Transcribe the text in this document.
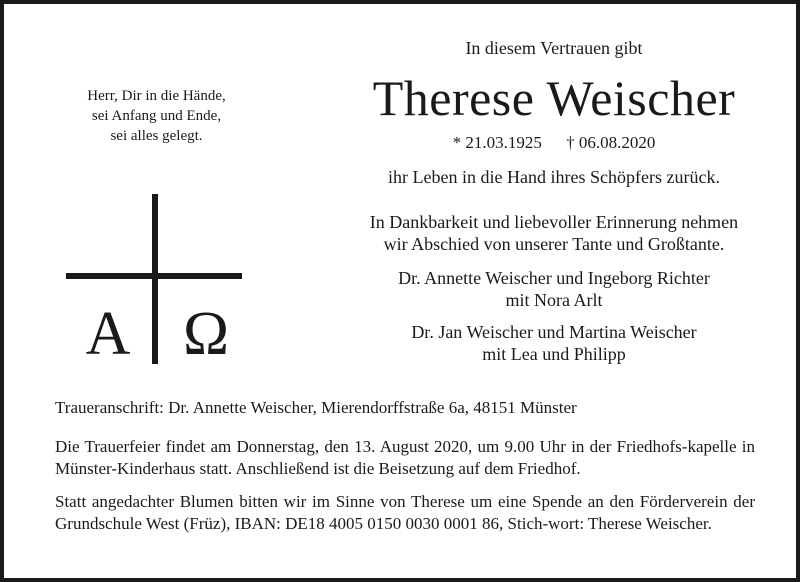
Herr, Dir in die Hände,
sei Anfang und Ende,
sei alles gelegt.
A Ω
In diesem Vertrauen gibt
Therese Weischer
* 21.03.1925 † 06.08.2020
ihr Leben in die Hand ihres Schöpfers zurück.
In Dankbarkeit und liebevoller Erinnerung nehmen
wir Abschied von unserer Tante und Großtante.
Dr. Annette Weischer und Ingeborg Richter
mit Nora Arlt
Dr. Jan Weischer und Martina Weischer
mit Lea und Philipp
Traueranschrift: Dr. Annette Weischer, Mierendorffstraße 6a, 48151 Münster
Die Trauerfeier findet am Donnerstag, den 13. August 2020, um 9.00 Uhr in der Friedhofs-kapelle in Münster-Kinderhaus statt. Anschließend ist die Beisetzung auf dem Friedhof.
Statt angedachter Blumen bitten wir im Sinne von Therese um eine Spende an den Förderverein der Grundschule West (Früz), IBAN: DE18 4005 0150 0030 0001 86, Stich-wort: Therese Weischer.
